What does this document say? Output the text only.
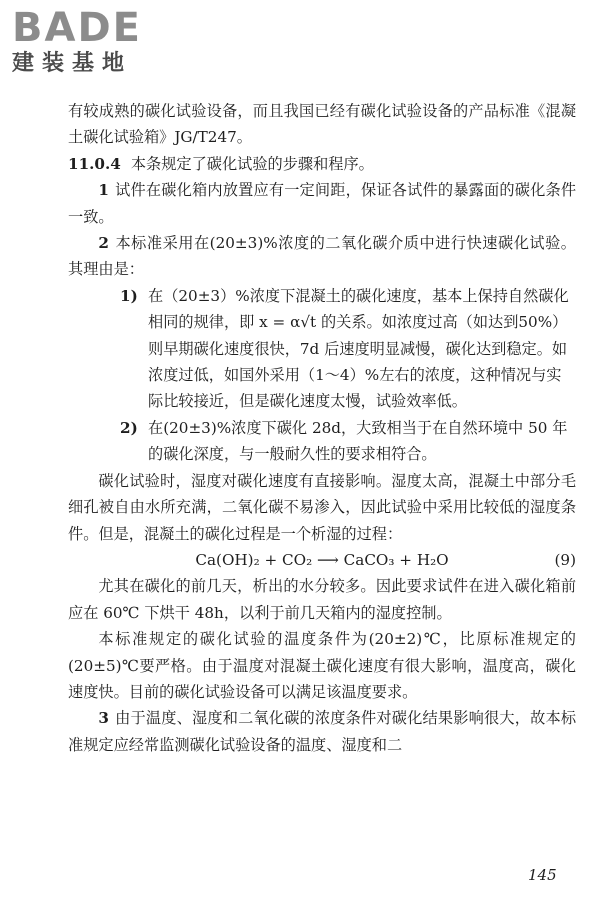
BADE
建装基地

有较成熟的碳化试验设备，而且我国已经有碳化试验设备的产品标准《混凝土碳化试验箱》JG/T247。

11.0.4 本条规定了碳化试验的步骤和程序。

1 试件在碳化箱内放置应有一定间距，保证各试件的暴露面的碳化条件一致。

2 本标准采用在(20±3)%浓度的二氧化碳介质中进行快速碳化试验。其理由是：

1) 在（20±3）%浓度下混凝土的碳化速度，基本上保持自然碳化相同的规律，即 x = α√t 的关系。如浓度过高（如达到50%）则早期碳化速度很快，7d 后速度明显减慢，碳化达到稳定。如浓度过低，如国外采用（1～4）%左右的浓度，这种情况与实际比较接近，但是碳化速度太慢，试验效率低。
2) 在(20±3)%浓度下碳化 28d，大致相当于在自然环境中 50 年的碳化深度，与一般耐久性的要求相符合。

碳化试验时，湿度对碳化速度有直接影响。湿度太高，混凝土中部分毛细孔被自由水所充满，二氧化碳不易渗入，因此试验中采用比较低的湿度条件。但是，混凝土的碳化过程是一个析湿的过程：

Ca(OH)₂ + CO₂ ⟶ CaCO₃ + H₂O	(9)

尤其在碳化的前几天，析出的水分较多。因此要求试件在进入碳化箱前应在 60℃ 下烘干 48h，以利于前几天箱内的湿度控制。

本标准规定的碳化试验的温度条件为(20±2)℃，比原标准规定的(20±5)℃要严格。由于温度对混凝土碳化速度有很大影响，温度高，碳化速度快。目前的碳化试验设备可以满足该温度要求。

3 由于温度、湿度和二氧化碳的浓度条件对碳化结果影响很大，故本标准规定应经常监测碳化试验设备的温度、湿度和二

145
